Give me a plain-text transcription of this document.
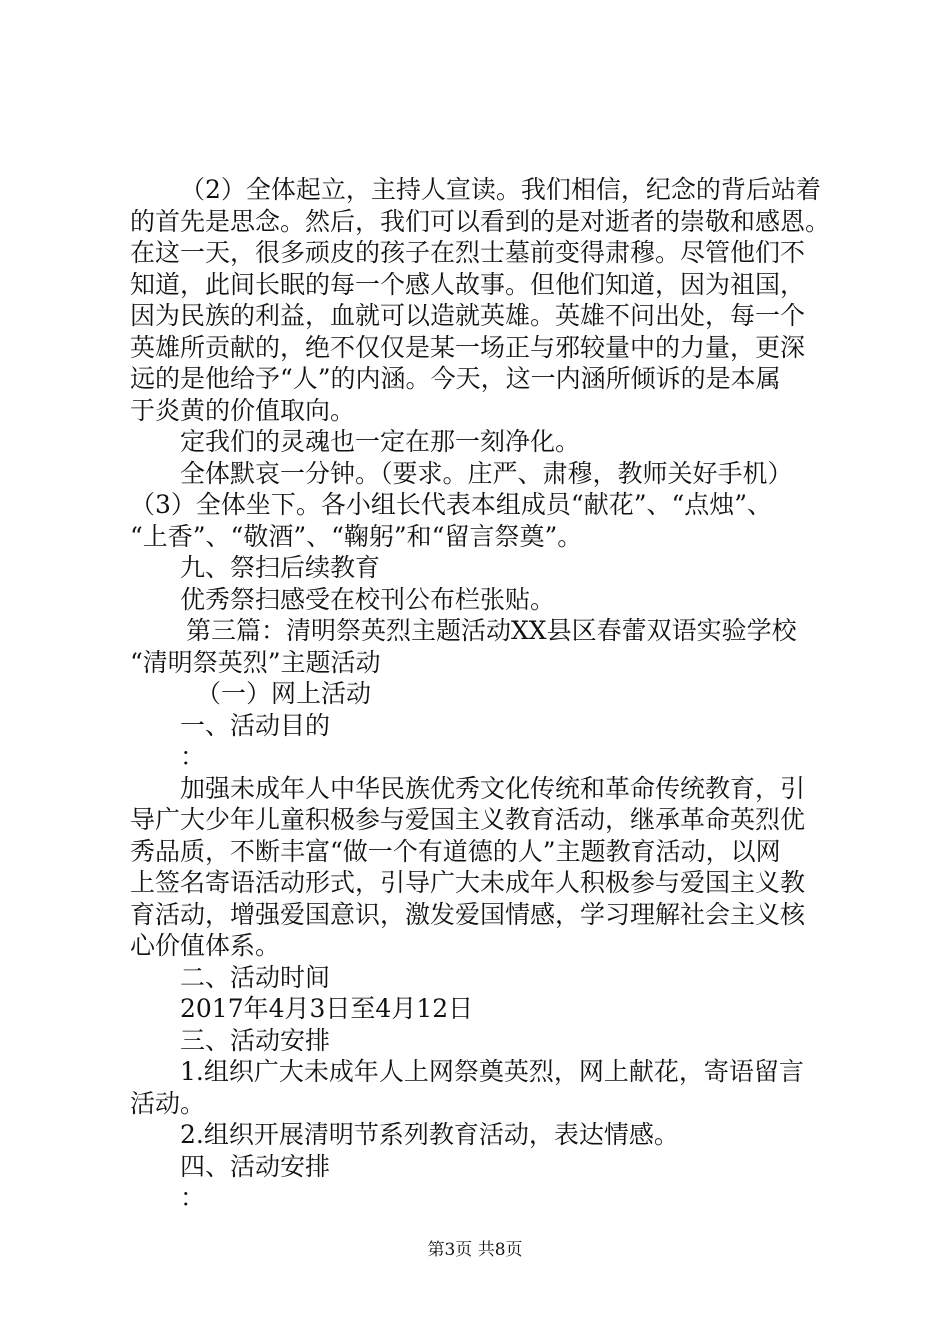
（2）全体起立，主持人宣读。我们相信，纪念的背后站着
的首先是思念。然后，我们可以看到的是对逝者的崇敬和感恩。
在这一天，很多顽皮的孩子在烈士墓前变得肃穆。尽管他们不
知道，此间长眠的每一个感人故事。但他们知道，因为祖国，
因为民族的利益，血就可以造就英雄。英雄不问出处，每一个
英雄所贡献的，绝不仅仅是某一场正与邪较量中的力量，更深
远的是他给予“人”的内涵。今天，这一内涵所倾诉的是本属
于炎黄的价值取向。
定我们的灵魂也一定在那一刻净化。
全体默哀一分钟。（要求。庄严、肃穆，教师关好手机）
（3）全体坐下。各小组长代表本组成员“献花”、“点烛”、
“上香”、“敬酒”、“鞠躬”和“留言祭奠”。
九、祭扫后续教育
优秀祭扫感受在校刊公布栏张贴。
第三篇：清明祭英烈主题活动XX县区春蕾双语实验学校
“清明祭英烈”主题活动
（一）网上活动
一、活动目的
：
加强未成年人中华民族优秀文化传统和革命传统教育，引
导广大少年儿童积极参与爱国主义教育活动，继承革命英烈优
秀品质，不断丰富“做一个有道德的人”主题教育活动，以网
上签名寄语活动形式，引导广大未成年人积极参与爱国主义教
育活动，增强爱国意识，激发爱国情感，学习理解社会主义核
心价值体系。
二、活动时间
2017年4月3日至4月12日
三、活动安排
1.组织广大未成年人上网祭奠英烈，网上献花，寄语留言
活动。
2.组织开展清明节系列教育活动，表达情感。
四、活动安排
：
第3页 共8页
